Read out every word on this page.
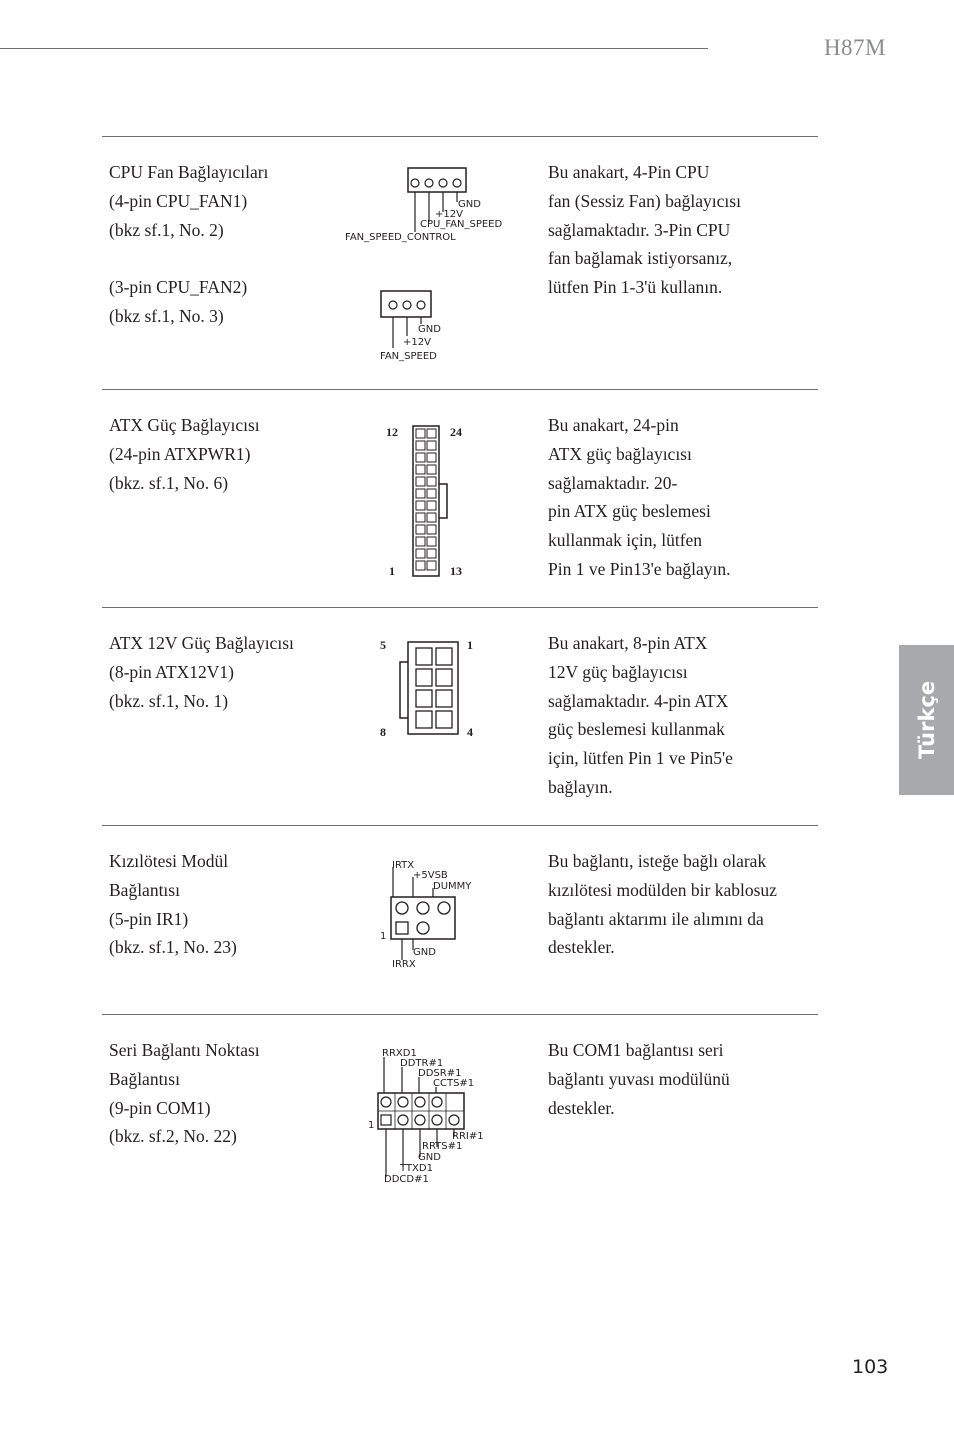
H87M
CPU Fan Bağlayıcıları
(4-pin CPU_FAN1)
(bkz sf.1, No. 2)
(3-pin CPU_FAN2)
(bkz sf.1, No. 3)
Bu anakart, 4-Pin CPU
fan (Sessiz Fan) bağlayıcısı
sağlamaktadır. 3-Pin CPU
fan bağlamak istiyorsanız,
lütfen Pin 1-3'ü kullanın.
GND
+12V
CPU_FAN_SPEED
FAN_SPEED_CONTROL
GND
+12V
FAN_SPEED
ATX Güç Bağlayıcısı
(24-pin ATXPWR1)
(bkz. sf.1, No. 6)
Bu anakart, 24-pin
ATX güç bağlayıcısı
sağlamaktadır. 20-
pin ATX güç beslemesi
kullanmak için, lütfen
Pin 1 ve Pin13'e bağlayın.
12	24
1	13
ATX 12V Güç Bağlayıcısı
(8-pin ATX12V1)
(bkz. sf.1, No. 1)
Bu anakart, 8-pin ATX
12V güç bağlayıcısı
sağlamaktadır. 4-pin ATX
güç beslemesi kullanmak
için, lütfen Pin 1 ve Pin5'e
bağlayın.
5	1
8	4
Kızılötesi Modül
Bağlantısı
(5-pin IR1)
(bkz. sf.1, No. 23)
Bu bağlantı, isteğe bağlı olarak
kızılötesi modülden bir kablosuz
bağlantı aktarımı ile alımını da
destekler.
IRTX
+5VSB
DUMMY
1
GND
IRRX
Seri Bağlantı Noktası
Bağlantısı
(9-pin COM1)
(bkz. sf.2, No. 22)
Bu COM1 bağlantısı seri
bağlantı yuvası modülünü
destekler.
RRXD1
DDTR#1
DDSR#1
CCTS#1
1
RRI#1
RRTS#1
GND
TTXD1
DDCD#1
Türkçe
103
